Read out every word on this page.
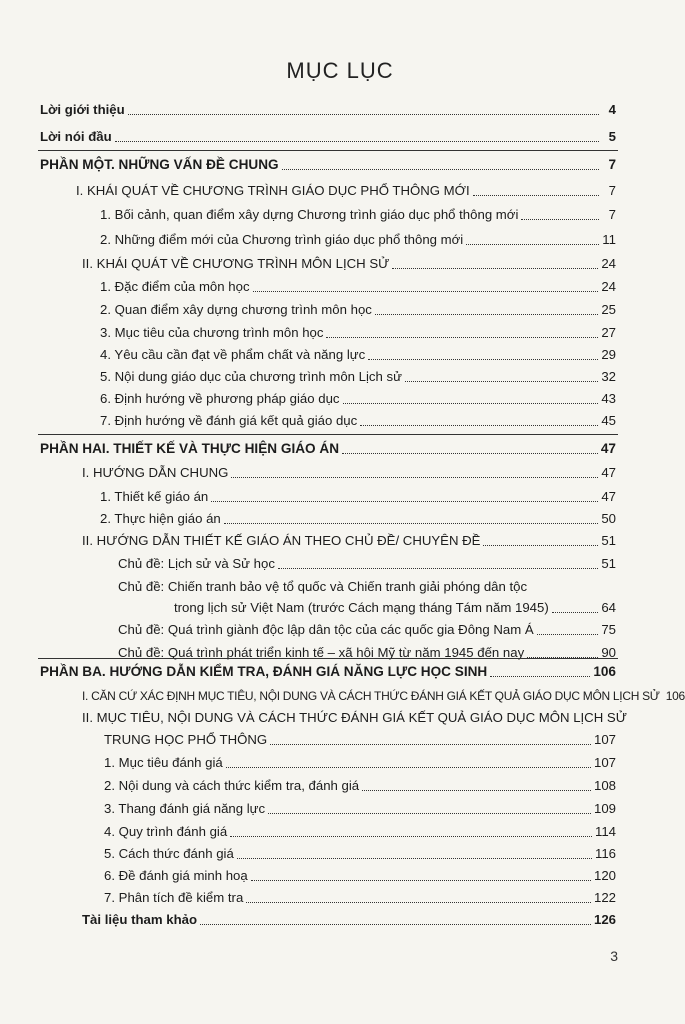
MỤC LỤC
Lời giới thiệu	4
Lời nói đầu	5
PHẦN MỘT. NHỮNG VẤN ĐỀ CHUNG	7
I. KHÁI QUÁT VỀ CHƯƠNG TRÌNH GIÁO DỤC PHỔ THÔNG MỚI	7
1. Bối cảnh, quan điểm xây dựng Chương trình giáo dục phổ thông mới	7
2. Những điểm mới của Chương trình giáo dục phổ thông mới	11
II. KHÁI QUÁT VỀ CHƯƠNG TRÌNH MÔN LỊCH SỬ	24
1. Đặc điểm của môn học	24
2. Quan điểm xây dựng chương trình môn học	25
3. Mục tiêu của chương trình môn học	27
4. Yêu cầu cần đạt về phẩm chất và năng lực	29
5. Nội dung giáo dục của chương trình môn Lịch sử	32
6. Định hướng về phương pháp giáo dục	43
7. Định hướng về đánh giá kết quả giáo dục	45
PHẦN HAI. THIẾT KẾ VÀ THỰC HIỆN GIÁO ÁN	47
I. HƯỚNG DẪN CHUNG	47
1. Thiết kế giáo án	47
2. Thực hiện giáo án	50
II. HƯỚNG DẪN THIẾT KẾ GIÁO ÁN THEO CHỦ ĐỀ/ CHUYÊN ĐỀ	51
Chủ đề: Lịch sử và Sử học	51
Chủ đề: Chiến tranh bảo vệ tổ quốc và Chiến tranh giải phóng dân tộc
trong lịch sử Việt Nam (trước Cách mạng tháng Tám năm 1945)	64
Chủ đề: Quá trình giành độc lập dân tộc của các quốc gia Đông Nam Á	75
Chủ đề: Quá trình phát triển kinh tế – xã hội Mỹ từ năm 1945 đến nay	90
PHẦN BA. HƯỚNG DẪN KIỂM TRA, ĐÁNH GIÁ NĂNG LỰC HỌC SINH	106
I. CĂN CỨ XÁC ĐỊNH MỤC TIÊU, NỘI DUNG VÀ CÁCH THỨC ĐÁNH GIÁ KẾT QUẢ GIÁO DỤC MÔN LỊCH SỬ 106
II. MỤC TIÊU, NỘI DUNG VÀ CÁCH THỨC ĐÁNH GIÁ KẾT QUẢ GIÁO DỤC MÔN LỊCH SỬ
TRUNG HỌC PHỔ THÔNG	107
1. Mục tiêu đánh giá	107
2. Nội dung và cách thức kiểm tra, đánh giá	108
3. Thang đánh giá năng lực	109
4. Quy trình đánh giá	114
5. Cách thức đánh giá	116
6. Đề đánh giá minh hoạ	120
7. Phân tích đề kiểm tra	122
Tài liệu tham khảo	126
3
